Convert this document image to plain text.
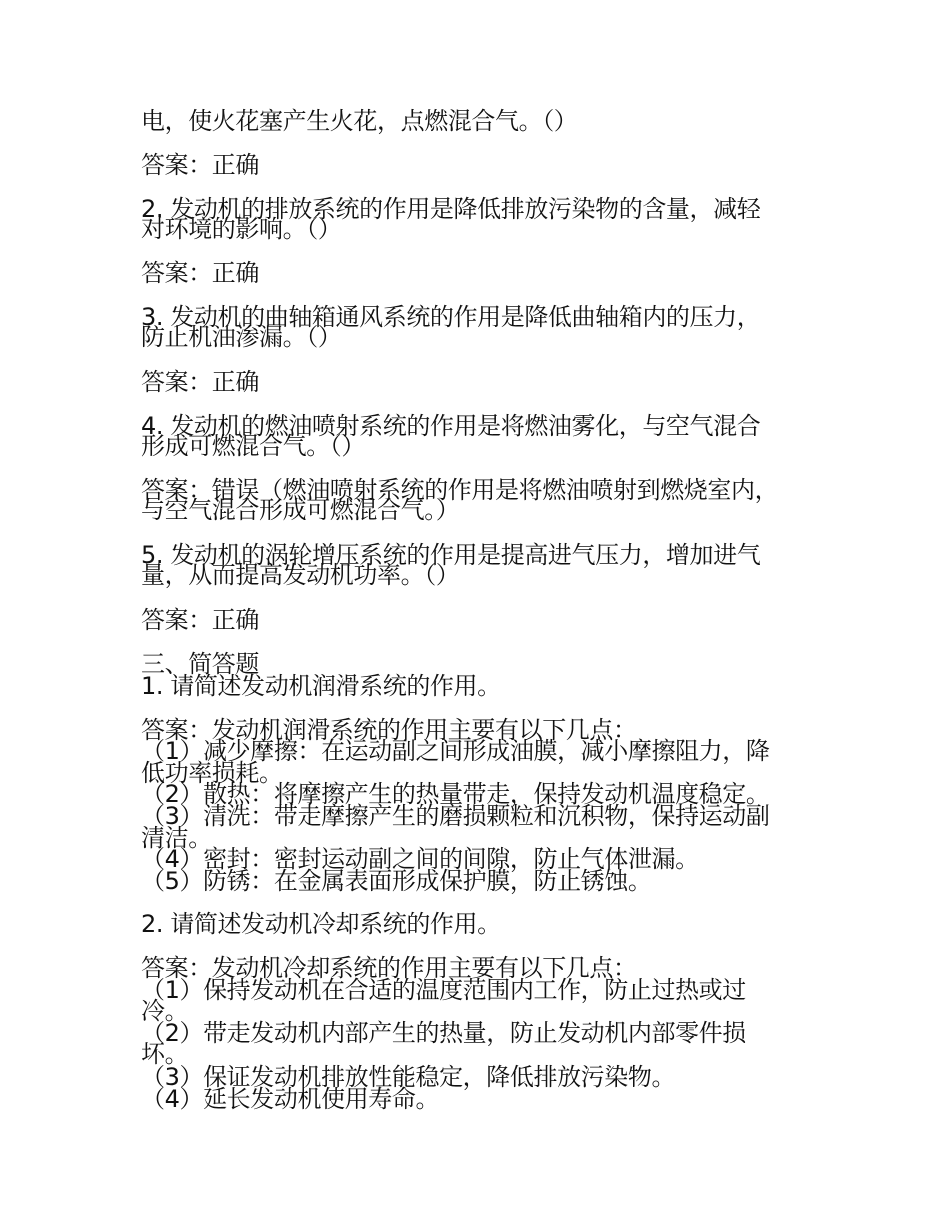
电，使火花塞产生火花，点燃混合气。（）

答案：正确

2. 发动机的排放系统的作用是降低排放污染物的含量，减轻

对环境的影响。（）

答案：正确

3. 发动机的曲轴箱通风系统的作用是降低曲轴箱内的压力，

防止机油渗漏。（）

答案：正确

4. 发动机的燃油喷射系统的作用是将燃油雾化，与空气混合

形成可燃混合气。（）

答案：错误（燃油喷射系统的作用是将燃油喷射到燃烧室内，

与空气混合形成可燃混合气。）

5. 发动机的涡轮增压系统的作用是提高进气压力，增加进气

量，从而提高发动机功率。（）

答案：正确

三、简答题

1. 请简述发动机润滑系统的作用。

答案：发动机润滑系统的作用主要有以下几点：

（1）减少摩擦：在运动副之间形成油膜，减小摩擦阻力，降

低功率损耗。

（2）散热：将摩擦产生的热量带走，保持发动机温度稳定。

（3）清洗：带走摩擦产生的磨损颗粒和沉积物，保持运动副

清洁。

（4）密封：密封运动副之间的间隙，防止气体泄漏。

（5）防锈：在金属表面形成保护膜，防止锈蚀。

2. 请简述发动机冷却系统的作用。

答案：发动机冷却系统的作用主要有以下几点：

（1）保持发动机在合适的温度范围内工作，防止过热或过

冷。

（2）带走发动机内部产生的热量，防止发动机内部零件损

坏。

（3）保证发动机排放性能稳定，降低排放污染物。

（4）延长发动机使用寿命。
